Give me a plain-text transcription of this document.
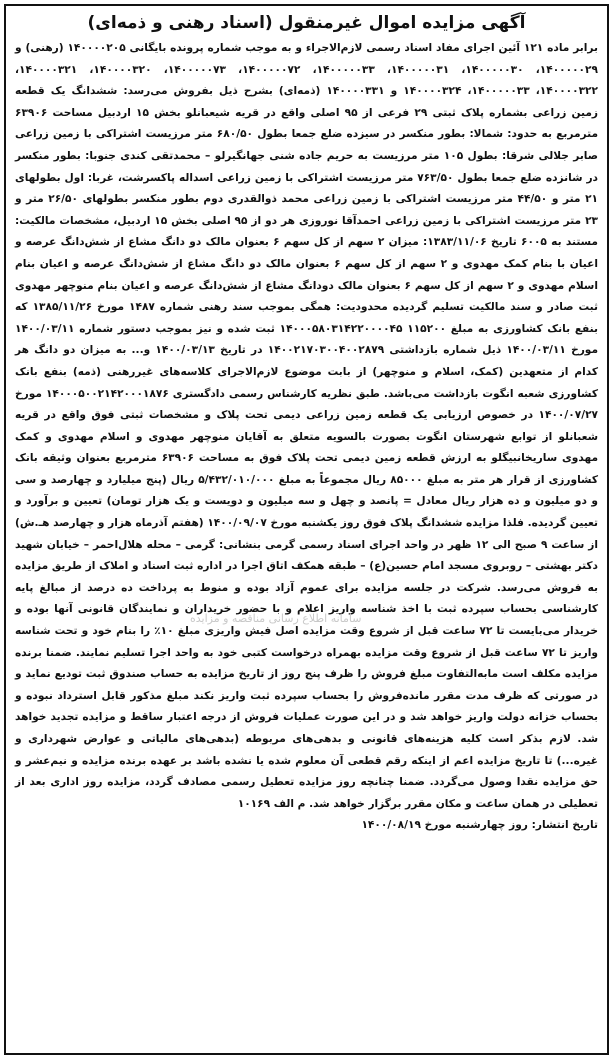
آگهی مزایده اموال غیرمنقول (اسناد رهنی و ذمه‌ای)

برابر ماده ۱۲۱ آئین اجرای مفاد اسناد رسمی لازم‌الاجراء و به موجب شماره پرونده بایگانی ۱۴۰۰۰۰۲۰۵ (رهنی) و ۱۴۰۰۰۰۰۲۹، ۱۴۰۰۰۰۰۳۰، ۱۴۰۰۰۰۰۳۱، ۱۴۰۰۰۰۰۳۳، ۱۴۰۰۰۰۰۷۲، ۱۴۰۰۰۰۰۷۳، ۱۴۰۰۰۰۳۲۰، ۱۴۰۰۰۰۳۲۱، ۱۴۰۰۰۰۳۲۲، ۱۴۰۰۰۰۰۳۳، ۱۴۰۰۰۰۳۲۴ و ۱۴۰۰۰۰۳۳۱ (ذمه‌ای) بشرح ذیل بفروش می‌رسد: ششدانگ یک قطعه زمین زراعی بشماره پلاک ثبتی ۲۹ فرعی از ۹۵ اصلی واقع در قریه شیعبانلو بخش ۱۵ اردبیل مساحت ۶۳۹۰۶ مترمربع به حدود: شمالا: بطور منکسر در سیزده ضلع جمعا بطول ۶۸۰/۵۰ متر مرزیست اشتراکی با زمین زراعی صابر جلالی شرقا: بطول ۱۰۵ متر مرزیست به حریم جاده شنی جهانگیرلو – محمدتقی کندی جنوبا: بطور منکسر در شانزده ضلع جمعا بطول ۷۶۳/۵۰ متر مرزیست اشتراکی با زمین زراعی اسداله پاکسرشت، غربا: اول بطولهای ۲۱ متر و ۴۴/۵۰ متر مرزیست اشتراکی با زمین زراعی محمد ذوالقدری دوم بطور منکسر بطولهای ۲۶/۵۰ متر و ۲۳ متر مرزیست اشتراکی با زمین زراعی احمدآقا نوروزی هر دو از ۹۵ اصلی بخش ۱۵ اردبیل، مشخصات مالکیت: مستند به ۶۰۰۵ تاریخ ۱۳۸۳/۱۱/۰۶: میزان ۲ سهم از کل سهم ۶ بعنوان مالک دو دانگ مشاع از شش‌دانگ عرصه و اعیان با بنام کمک مهدوی و ۲ سهم از کل سهم ۶ بعنوان مالک دو دانگ مشاع از شش‌دانگ عرصه و اعیان بنام اسلام مهدوی و ۲ سهم از کل سهم ۶ بعنوان مالک دودانگ مشاع از شش‌دانگ عرصه و اعیان بنام منوچهر مهدوی ثبت صادر و سند مالکیت تسلیم گردیده محدودیت: همگی بموجب سند رهنی شماره ۱۴۸۷ مورخ ۱۳۸۵/۱۱/۲۶ که بنفع بانک کشاورزی به مبلغ ۱۱۵۲۰۰ ۱۴۰۰۰۵۸۰۳۱۴۲۲۰۰۰۰۴۵ ثبت شده و نیز بموجب دستور شماره ۱۴۰۰/۰۳/۱۱ مورخ ۱۴۰۰/۰۳/۱۱ ذیل شماره بازداشتی ۱۴۰۰۲۱۷۰۳۰۰۴۰۰۲۸۷۹ در تاریخ ۱۴۰۰/۰۳/۱۳ و... به میزان دو دانگ هر کدام از متعهدین (کمک، اسلام و منوچهر) از بابت موضوع لازم‌الاجرای کلاسه‌های غیررهنی (ذمه) بنفع بانک کشاورزی شعبه انگوت بازداشت می‌باشد. طبق نظریه کارشناس رسمی دادگستری ۱۴۰۰۰۵۰۰۲۱۴۲۰۰۰۱۸۷۶ مورخ ۱۴۰۰/۰۷/۲۷ در خصوص ارزیابی یک قطعه زمین زراعی دیمی تحت پلاک و مشخصات ثبتی فوق واقع در قریه شعبانلو از توابع شهرستان انگوت بصورت بالسویه متعلق به آقایان منوچهر مهدوی و اسلام مهدوی و کمک مهدوی ساریخانبیگلو به ارزش قطعه زمین دیمی تحت پلاک فوق به مساحت ۶۳۹۰۶ مترمربع بعنوان وثیقه بانک کشاورزی از قرار هر متر به مبلغ ۸۵۰۰۰ ریال مجموعاً به مبلغ ۵/۴۳۲/۰۱۰/۰۰۰ ریال (پنج میلیارد و چهارصد و سی و دو میلیون و ده هزار ریال معادل = پانصد و چهل و سه میلیون و دویست و یک هزار تومان) تعیین و برآورد و تعیین گردیده. فلذا مزایده ششدانگ پلاک فوق روز یکشنبه مورخ ۱۴۰۰/۰۹/۰۷ (هفتم آذرماه هزار و چهارصد هـ.ش) از ساعت ۹ صبح الی ۱۲ ظهر در واحد اجرای اسناد رسمی گرمی بنشانی: گرمی – محله هلال‌احمر – خیابان شهید دکتر بهشتی – روبروی مسجد امام حسین(ع) – طبقه همکف اتاق اجرا در اداره ثبت اسناد و املاک از طریق مزایده به فروش می‌رسد. شرکت در جلسه مزایده برای عموم آزاد بوده و منوط به پرداخت ده درصد از مبالغ پایه کارشناسی بحساب سپرده ثبت با اخذ شناسه واریز اعلام و با حضور خریداران و نمایندگان قانونی آنها بوده و خریدار می‌بایست تا ۷۲ ساعت قبل از شروع وقت مزایده اصل فیش واریزی مبلغ ۱۰٪ را بنام خود و تحت شناسه واریز تا ۷۲ ساعت قبل از شروع وقت مزایده بهمراه درخواست کتبی خود به واحد اجرا تسلیم نمایند. ضمنا برنده مزایده مکلف است مابه‌التفاوت مبلغ فروش را ظرف پنج روز از تاریخ مزایده به حساب صندوق ثبت تودیع نماید و در صورتی که ظرف مدت مقرر مانده‌فروش را بحساب سپرده ثبت واریز نکند مبلغ مذکور قابل استرداد نبوده و بحساب خزانه دولت واریز خواهد شد و در این صورت عملیات فروش از درجه اعتبار ساقط و مزایده تجدید خواهد شد. لازم بذکر است کلیه هزینه‌های قانونی و بدهی‌های مربوطه (بدهی‌های مالیاتی و عوارض شهرداری و غیره...) تا تاریخ مزایده اعم از اینکه رقم قطعی آن معلوم شده یا نشده باشد بر عهده برنده مزایده و نیم‌عشر و حق مزایده نقدا وصول می‌گردد. ضمنا چنانچه روز مزایده تعطیل رسمی مصادف گردد، مزایده روز اداری بعد از تعطیلی در همان ساعت و مکان مقرر برگزار خواهد شد. م الف ۱۰۱۶۹

تاریخ انتشار: روز چهارشنبه مورخ ۱۴۰۰/۰۸/۱۹

سامانه اطلاع رسانی مناقصه و مزایده
